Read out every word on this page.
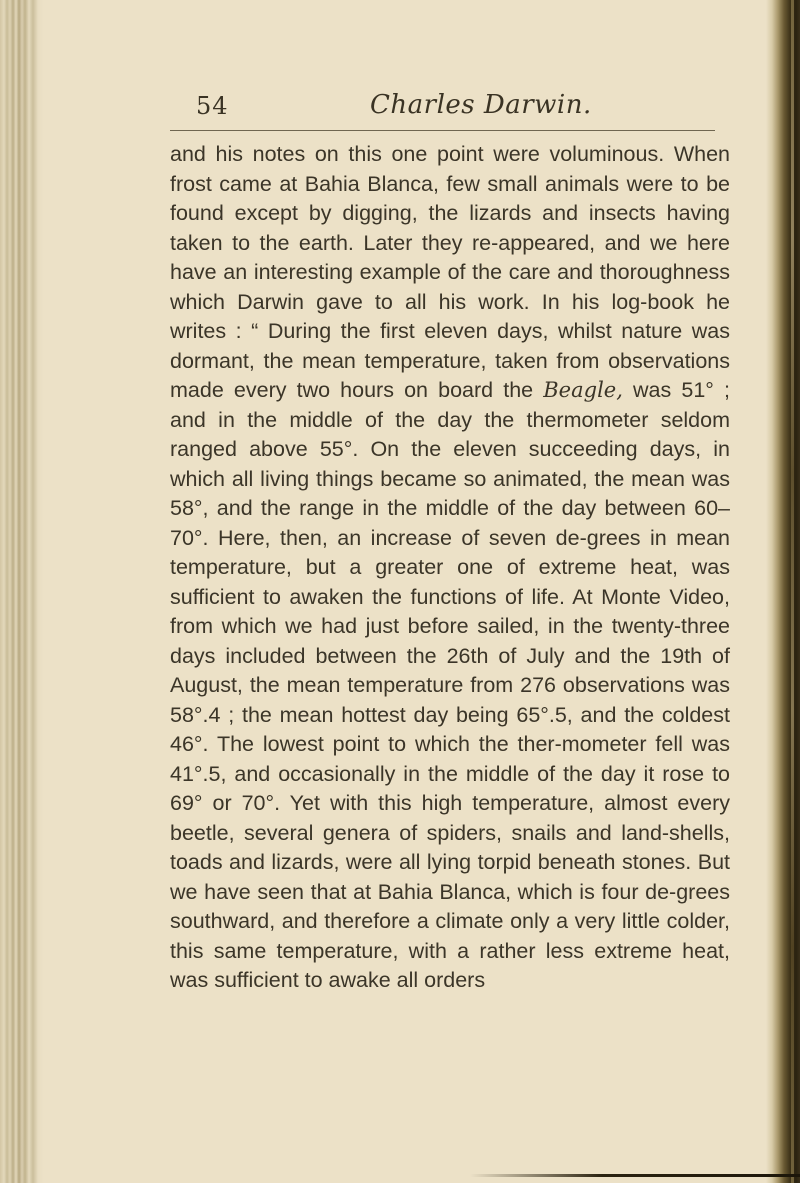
54	Charles Darwin.

and his notes on this one point were voluminous. When frost came at Bahia Blanca, few small animals were to be found except by digging, the lizards and insects having taken to the earth. Later they re-appeared, and we here have an interesting example of the care and thoroughness which Darwin gave to all his work. In his log-book he writes : “ During the first eleven days, whilst nature was dormant, the mean temperature, taken from observations made every two hours on board the Beagle, was 51° ; and in the middle of the day the thermometer seldom ranged above 55°. On the eleven succeeding days, in which all living things became so animated, the mean was 58°, and the range in the middle of the day between 60–70°. Here, then, an increase of seven de-grees in mean temperature, but a greater one of extreme heat, was sufficient to awaken the functions of life. At Monte Video, from which we had just before sailed, in the twenty-three days included between the 26th of July and the 19th of August, the mean temperature from 276 observations was 58°.4 ; the mean hottest day being 65°.5, and the coldest 46°. The lowest point to which the ther-mometer fell was 41°.5, and occasionally in the middle of the day it rose to 69° or 70°. Yet with this high temperature, almost every beetle, several genera of spiders, snails and land-shells, toads and lizards, were all lying torpid beneath stones. But we have seen that at Bahia Blanca, which is four de-grees southward, and therefore a climate only a very little colder, this same temperature, with a rather less extreme heat, was sufficient to awake all orders
